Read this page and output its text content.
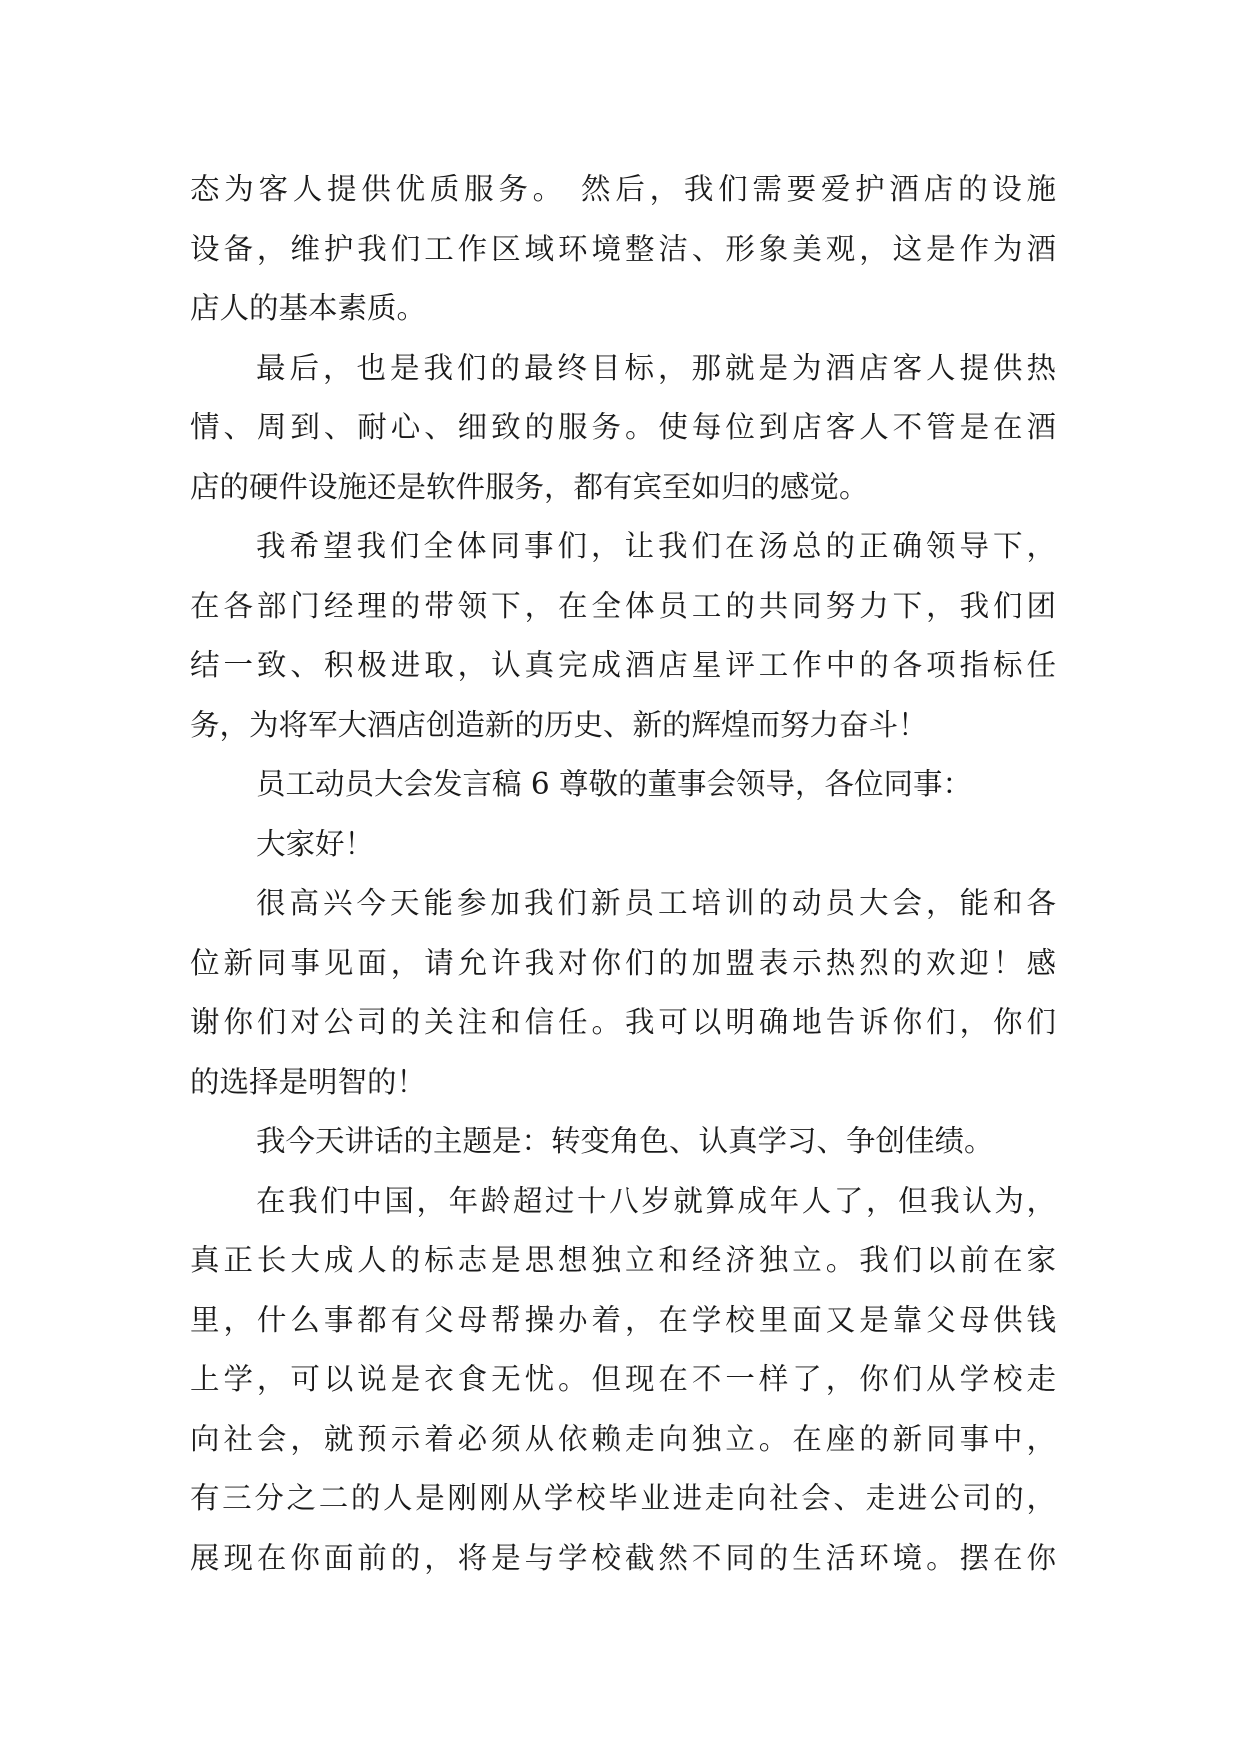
态为客人提供优质服务。 然后，我们需要爱护酒店的设施
设备，维护我们工作区域环境整洁、形象美观，这是作为酒
店人的基本素质。
最后，也是我们的最终目标，那就是为酒店客人提供热
情、周到、耐心、细致的服务。使每位到店客人不管是在酒
店的硬件设施还是软件服务，都有宾至如归的感觉。
我希望我们全体同事们，让我们在汤总的正确领导下，
在各部门经理的带领下，在全体员工的共同努力下，我们团
结一致、积极进取，认真完成酒店星评工作中的各项指标任
务，为将军大酒店创造新的历史、新的辉煌而努力奋斗！
员工动员大会发言稿 6 尊敬的董事会领导，各位同事：
大家好！
很高兴今天能参加我们新员工培训的动员大会，能和各
位新同事见面，请允许我对你们的加盟表示热烈的欢迎！感
谢你们对公司的关注和信任。我可以明确地告诉你们，你们
的选择是明智的！
我今天讲话的主题是：转变角色、认真学习、争创佳绩。
在我们中国，年龄超过十八岁就算成年人了，但我认为，
真正长大成人的标志是思想独立和经济独立。我们以前在家
里，什么事都有父母帮操办着，在学校里面又是靠父母供钱
上学，可以说是衣食无忧。但现在不一样了，你们从学校走
向社会，就预示着必须从依赖走向独立。在座的新同事中，
有三分之二的人是刚刚从学校毕业进走向社会、走进公司的，
展现在你面前的，将是与学校截然不同的生活环境。摆在你
